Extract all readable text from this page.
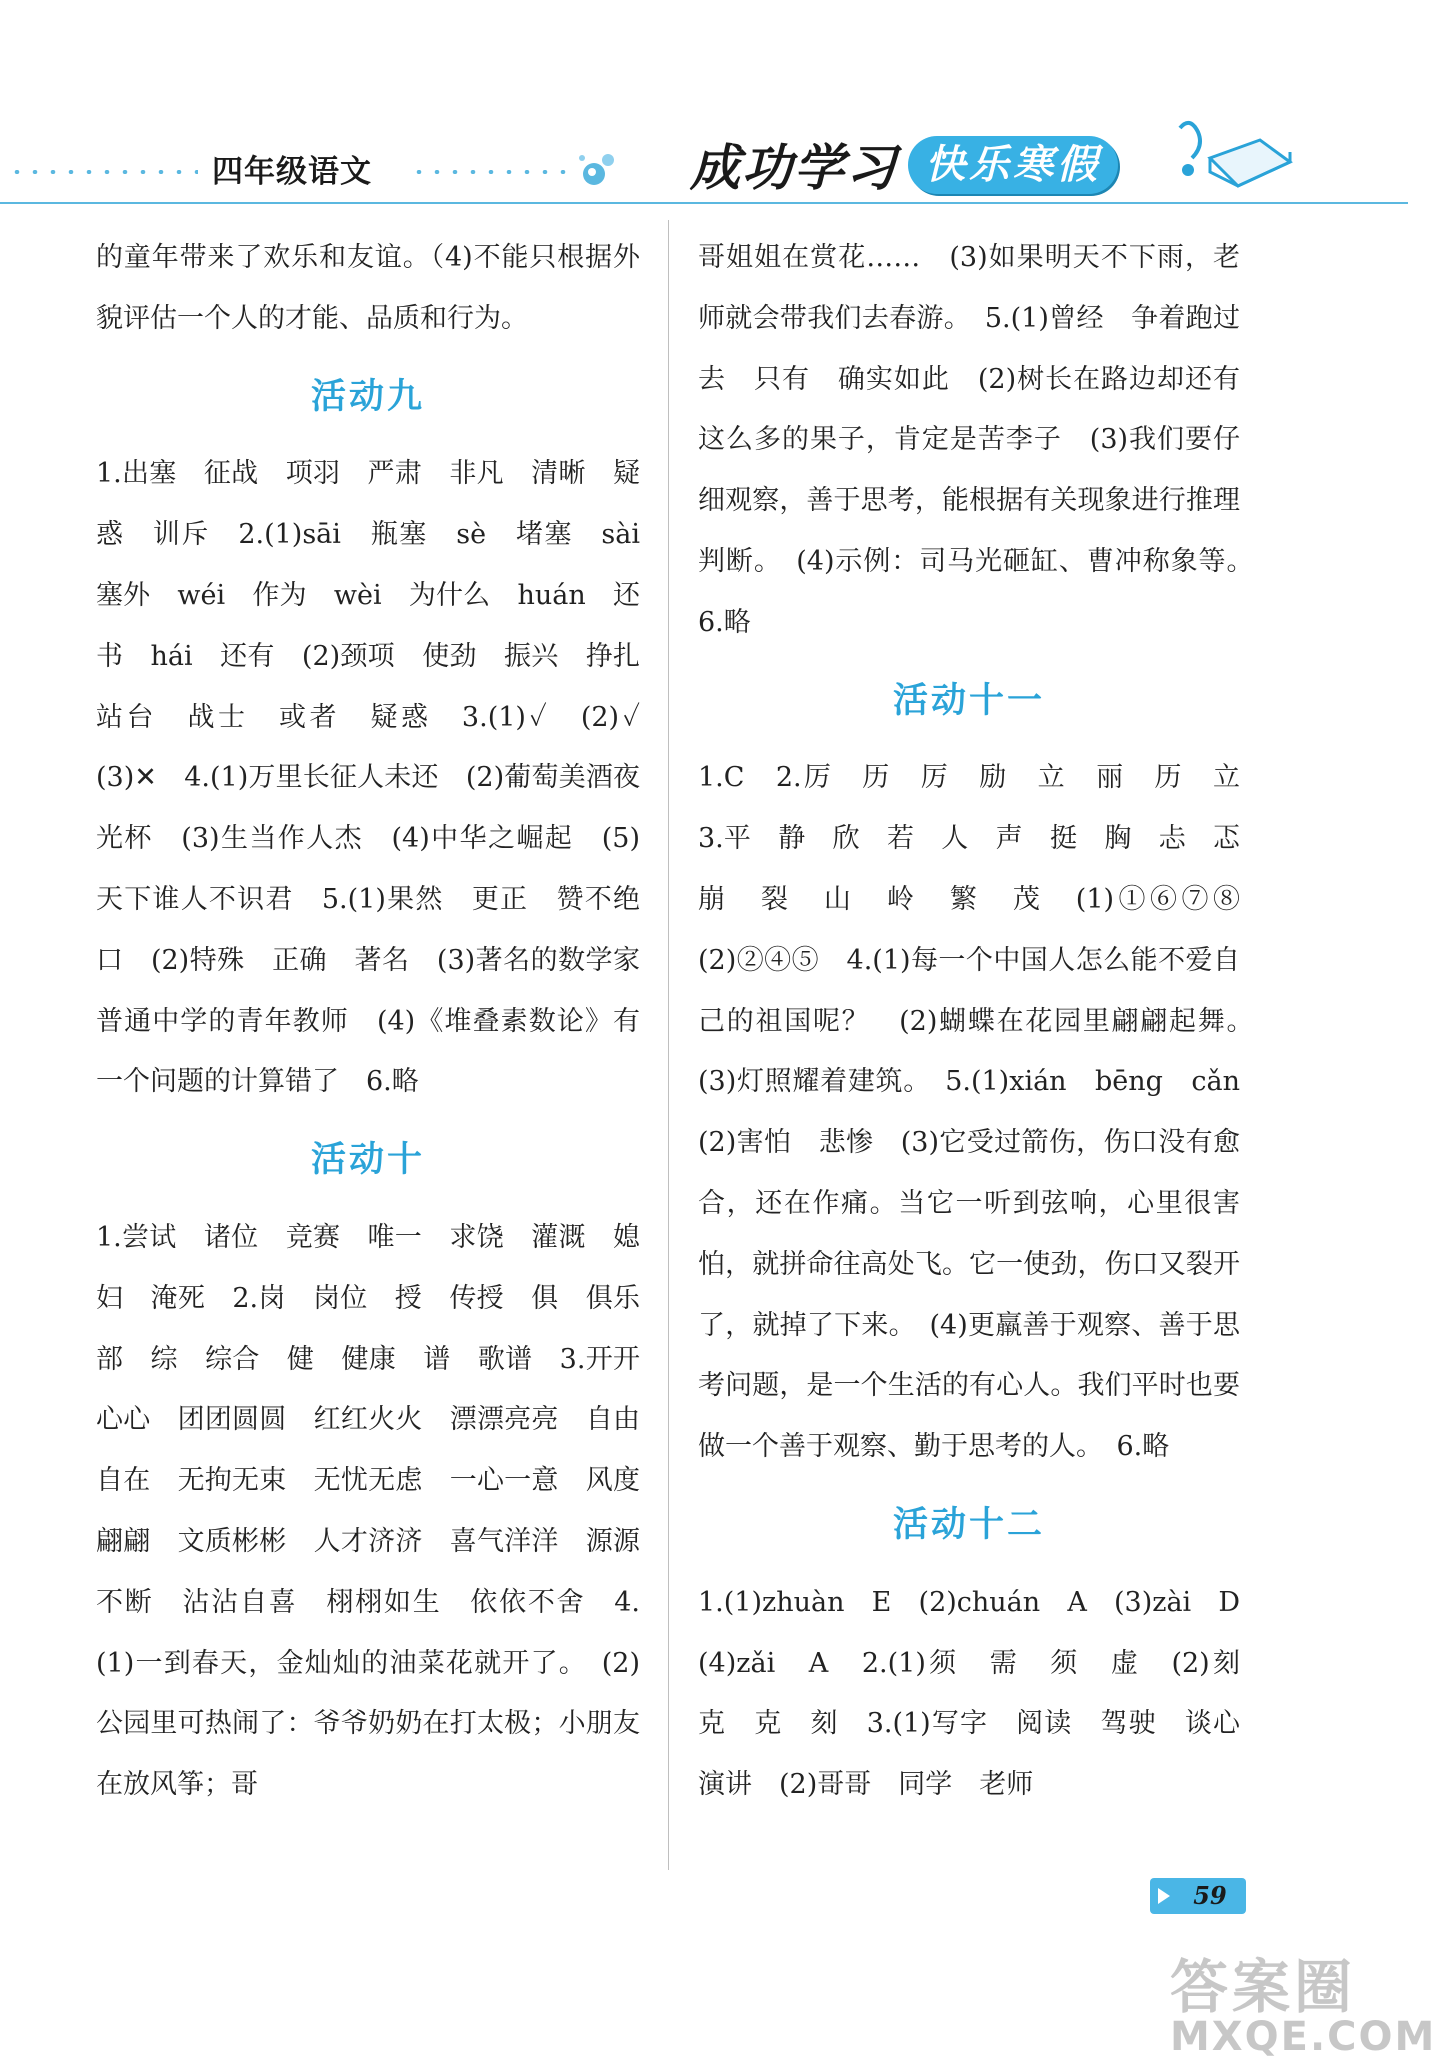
四年级语文	成功学习 快乐寒假

的童年带来了欢乐和友谊。（4)不能只根据外貌评估一个人的才能、品质和行为。

活动九

1.出塞　征战　项羽　严肃　非凡　清晰　疑惑　训斥　2.(1)sāi　瓶塞　sè　堵塞　sài　塞外　wéi　作为　wèi　为什么　huán　还书　hái　还有　(2)颈项　使劲　振兴　挣扎　站台　战士　或者　疑惑　3.(1)✓　(2)✓　(3)✕　4.(1)万里长征人未还　(2)葡萄美酒夜光杯　(3)生当作人杰　(4)中华之崛起　(5)天下谁人不识君　5.(1)果然　更正　赞不绝口　(2)特殊　正确　著名　(3)著名的数学家　普通中学的青年教师　(4)《堆叠素数论》有一个问题的计算错了　6.略

活动十

1.尝试　诸位　竞赛　唯一　求饶　灌溉　媳妇　淹死　2.岗　岗位　授　传授　俱　俱乐部　综　综合　健　健康　谱　歌谱　3.开开心心　团团圆圆　红红火火　漂漂亮亮　自由自在　无拘无束　无忧无虑　一心一意　风度翩翩　文质彬彬　人才济济　喜气洋洋　源源不断　沾沾自喜　栩栩如生　依依不舍　4.(1)一到春天，金灿灿的油菜花就开了。　(2)公园里可热闹了：爷爷奶奶在打太极；小朋友在放风筝；哥

哥姐姐在赏花……　(3)如果明天不下雨，老师就会带我们去春游。　5.(1)曾经　争着跑过去　只有　确实如此　(2)树长在路边却还有这么多的果子，肯定是苦李子　(3)我们要仔细观察，善于思考，能根据有关现象进行推理判断。　(4)示例：司马光砸缸、曹冲称象等。　6.略

活动十一

1.C　2.厉　历　厉　励　立　丽　历　立　3.平　静　欣　若　人　声　挺　胸　忐　忑　崩　裂　山　岭　繁　茂　(1)①⑥⑦⑧　(2)②④⑤　4.(1)每一个中国人怎么能不爱自己的祖国呢？　(2)蝴蝶在花园里翩翩起舞。　(3)灯照耀着建筑。　5.(1)xián　bēng　cǎn　(2)害怕　悲惨　(3)它受过箭伤，伤口没有愈合，还在作痛。当它一听到弦响，心里很害怕，就拼命往高处飞。它一使劲，伤口又裂开了，就掉了下来。　(4)更羸善于观察、善于思考问题，是一个生活的有心人。我们平时也要做一个善于观察、勤于思考的人。　6.略

活动十二

1.(1)zhuàn　E　(2)chuán　A　(3)zài　D　(4)zǎi　A　2.(1)须　需　须　虚　(2)刻　克　克　刻　3.(1)写字　阅读　驾驶　谈心　演讲　(2)哥哥　同学　老师

59
答案圈
MXQE.COM
